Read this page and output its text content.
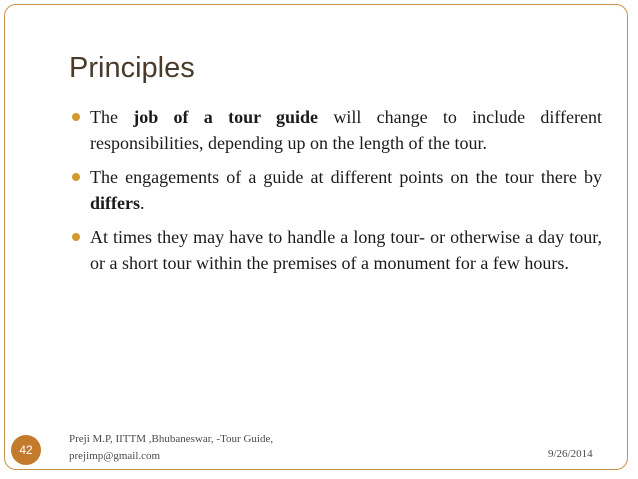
Principles
The job of a tour guide will change to include different responsibilities, depending up on the length of the tour.
The engagements of a guide at different points on the tour there by differs.
At times they may have to handle a long tour- or otherwise a day tour, or a short tour within the premises of a monument for a few hours.
42
Preji M.P, IITTM ,Bhubaneswar, -Tour Guide,
prejimp@gmail.com	9/26/2014
